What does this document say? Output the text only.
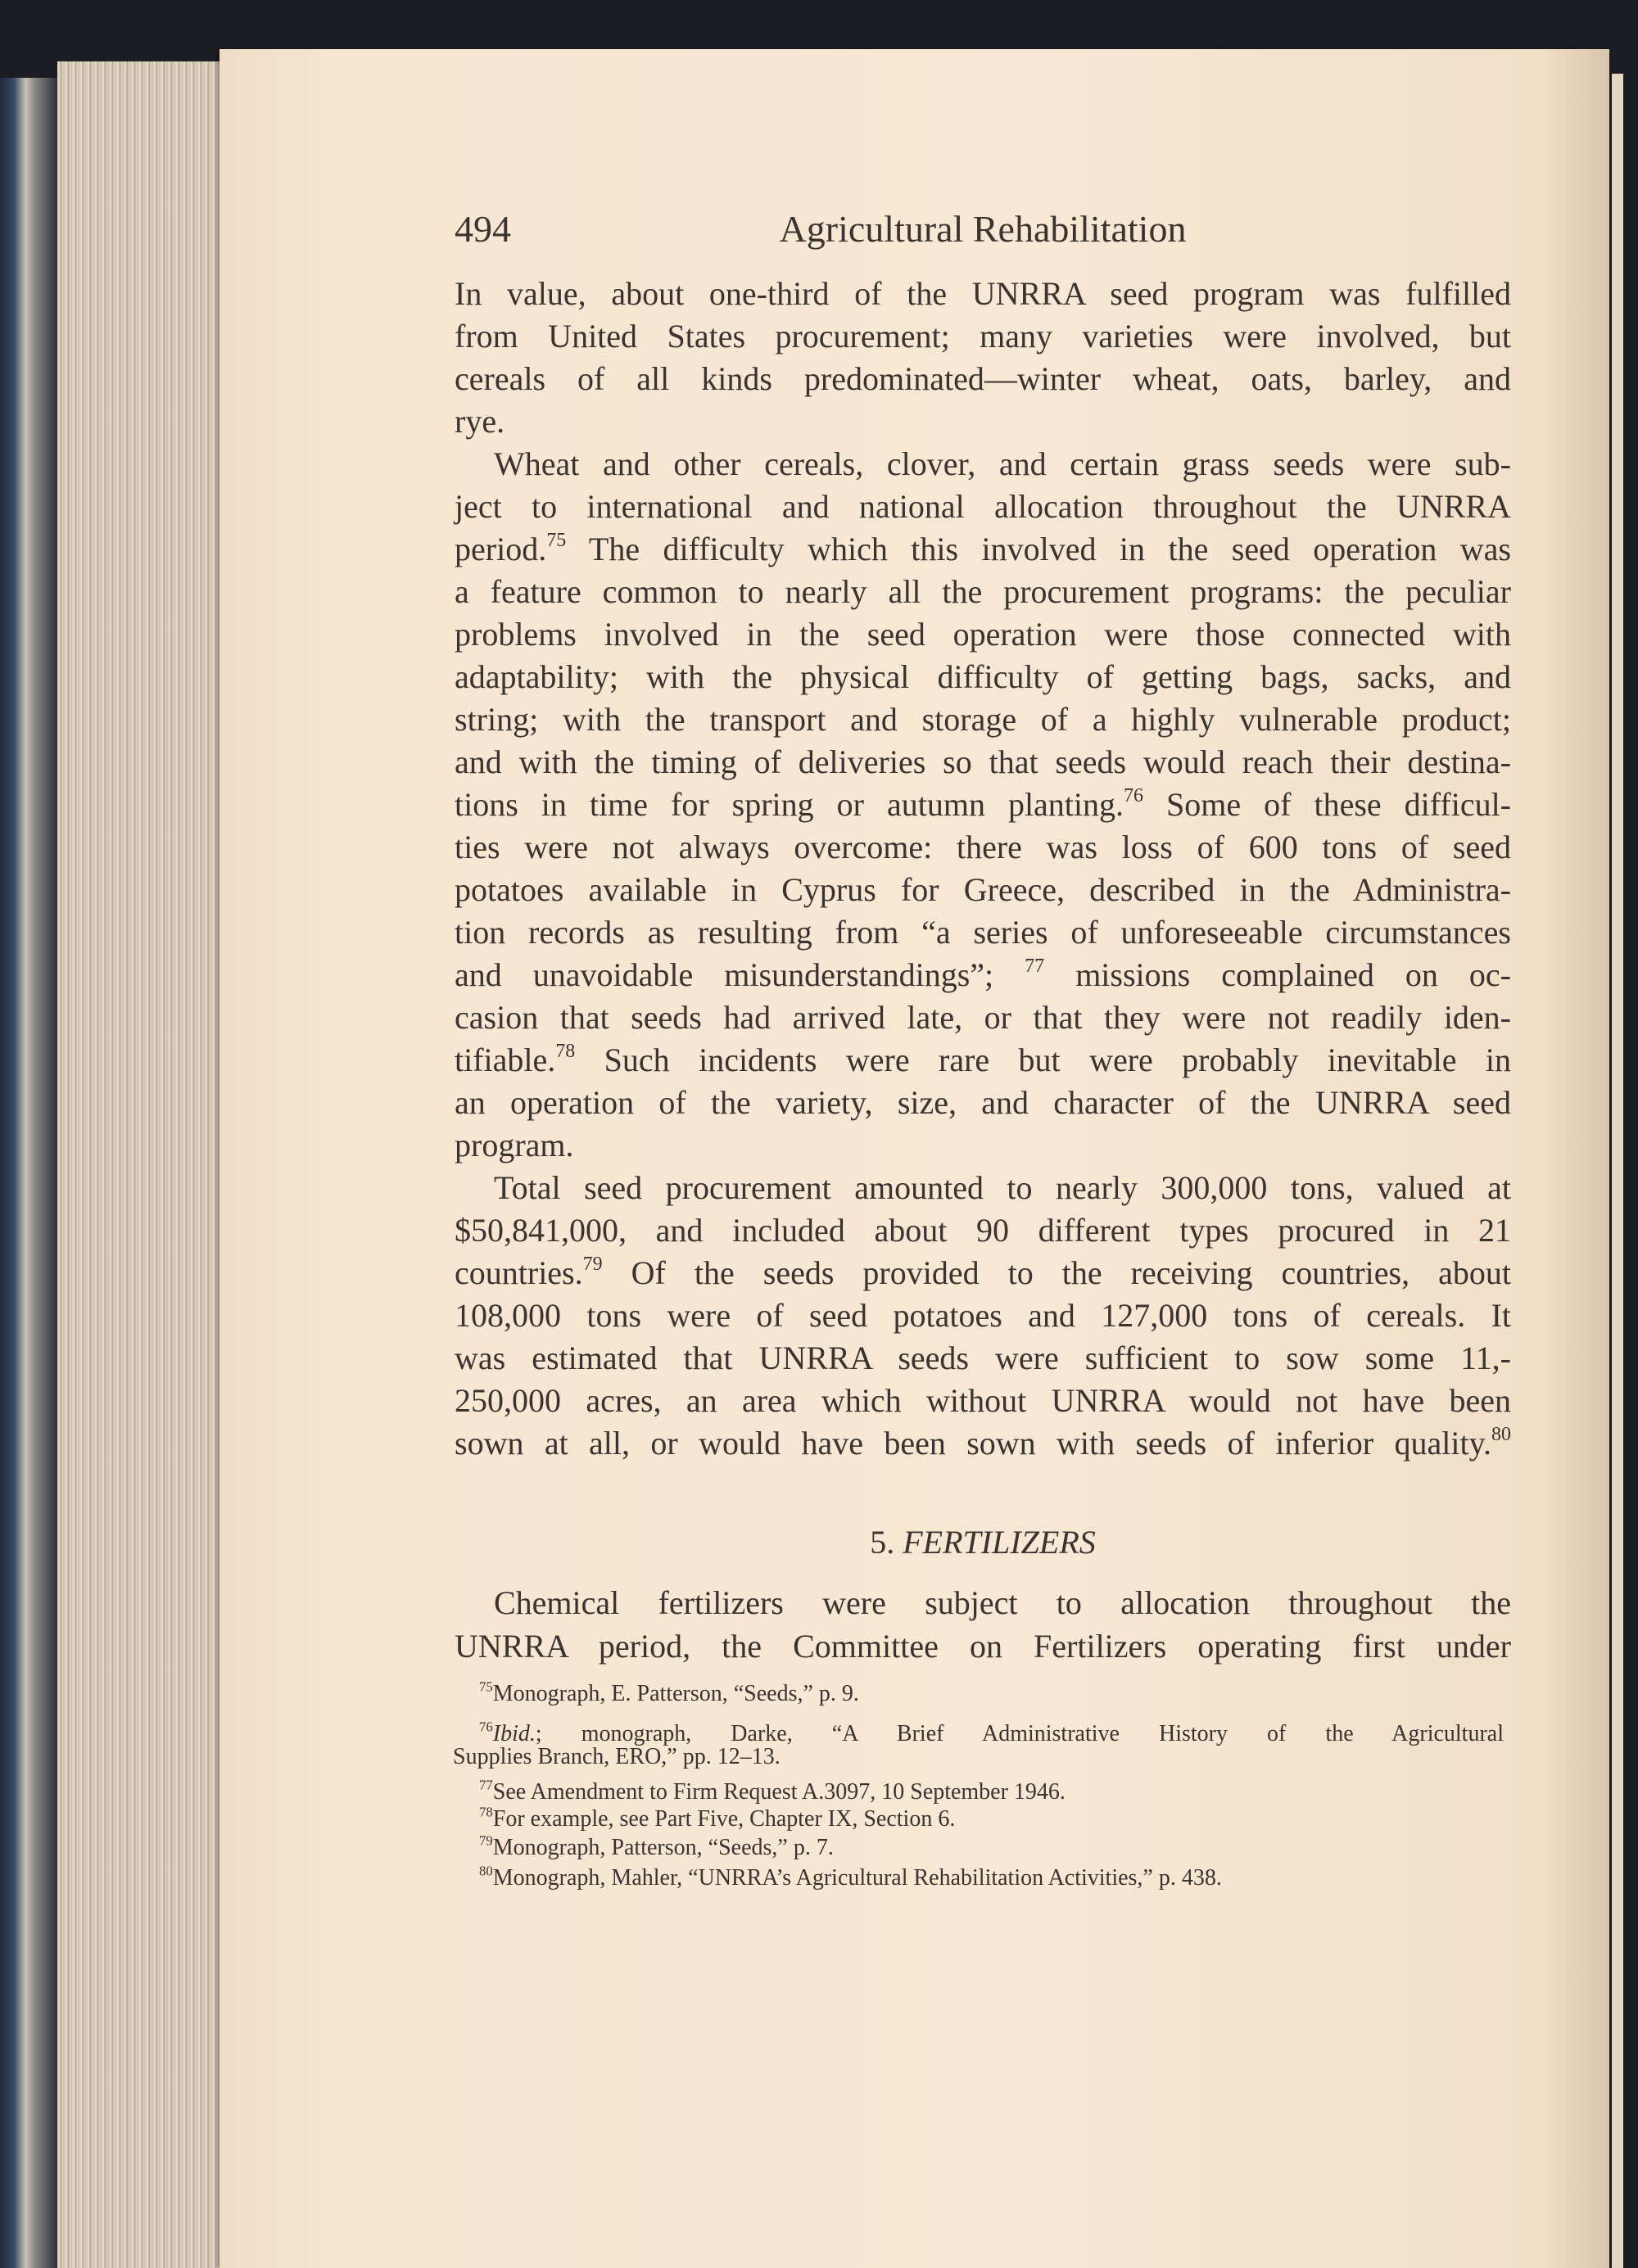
494	Agricultural Rehabilitation
In value, about one-third of the UNRRA seed program was fulfilled
from United States procurement; many varieties were involved, but
cereals of all kinds predominated—winter wheat, oats, barley, and
rye.
Wheat and other cereals, clover, and certain grass seeds were sub-
ject to international and national allocation throughout the UNRRA
period.$^{75}$ The difficulty which this involved in the seed operation was
a feature common to nearly all the procurement programs: the peculiar
problems involved in the seed operation were those connected with
adaptability; with the physical difficulty of getting bags, sacks, and
string; with the transport and storage of a highly vulnerable product;
and with the timing of deliveries so that seeds would reach their destina-
tions in time for spring or autumn planting.$^{76}$ Some of these difficul-
ties were not always overcome: there was loss of 600 tons of seed
potatoes available in Cyprus for Greece, described in the Administra-
tion records as resulting from “a series of unforeseeable circumstances
and unavoidable misunderstandings”; $^{77}$ missions complained on oc-
casion that seeds had arrived late, or that they were not readily iden-
tifiable.$^{78}$ Such incidents were rare but were probably inevitable in
an operation of the variety, size, and character of the UNRRA seed
program.
Total seed procurement amounted to nearly 300,000 tons, valued at
$50,841,000, and included about 90 different types procured in 21
countries.$^{79}$ Of the seeds provided to the receiving countries, about
108,000 tons were of seed potatoes and 127,000 tons of cereals. It
was estimated that UNRRA seeds were sufficient to sow some 11,-
250,000 acres, an area which without UNRRA would not have been
sown at all, or would have been sown with seeds of inferior quality.$^{80}$
5. FERTILIZERS
Chemical fertilizers were subject to allocation throughout the
UNRRA period, the Committee on Fertilizers operating first under
$^{75}$Monograph, E. Patterson, “Seeds,” p. 9.
$^{76}$Ibid.; monograph, Darke, “A Brief Administrative History of the Agricultural
Supplies Branch, ERO,” pp. 12–13.
$^{77}$See Amendment to Firm Request A.3097, 10 September 1946.
$^{78}$For example, see Part Five, Chapter IX, Section 6.
$^{79}$Monograph, Patterson, “Seeds,” p. 7.
$^{80}$Monograph, Mahler, “UNRRA’s Agricultural Rehabilitation Activities,” p. 438.
